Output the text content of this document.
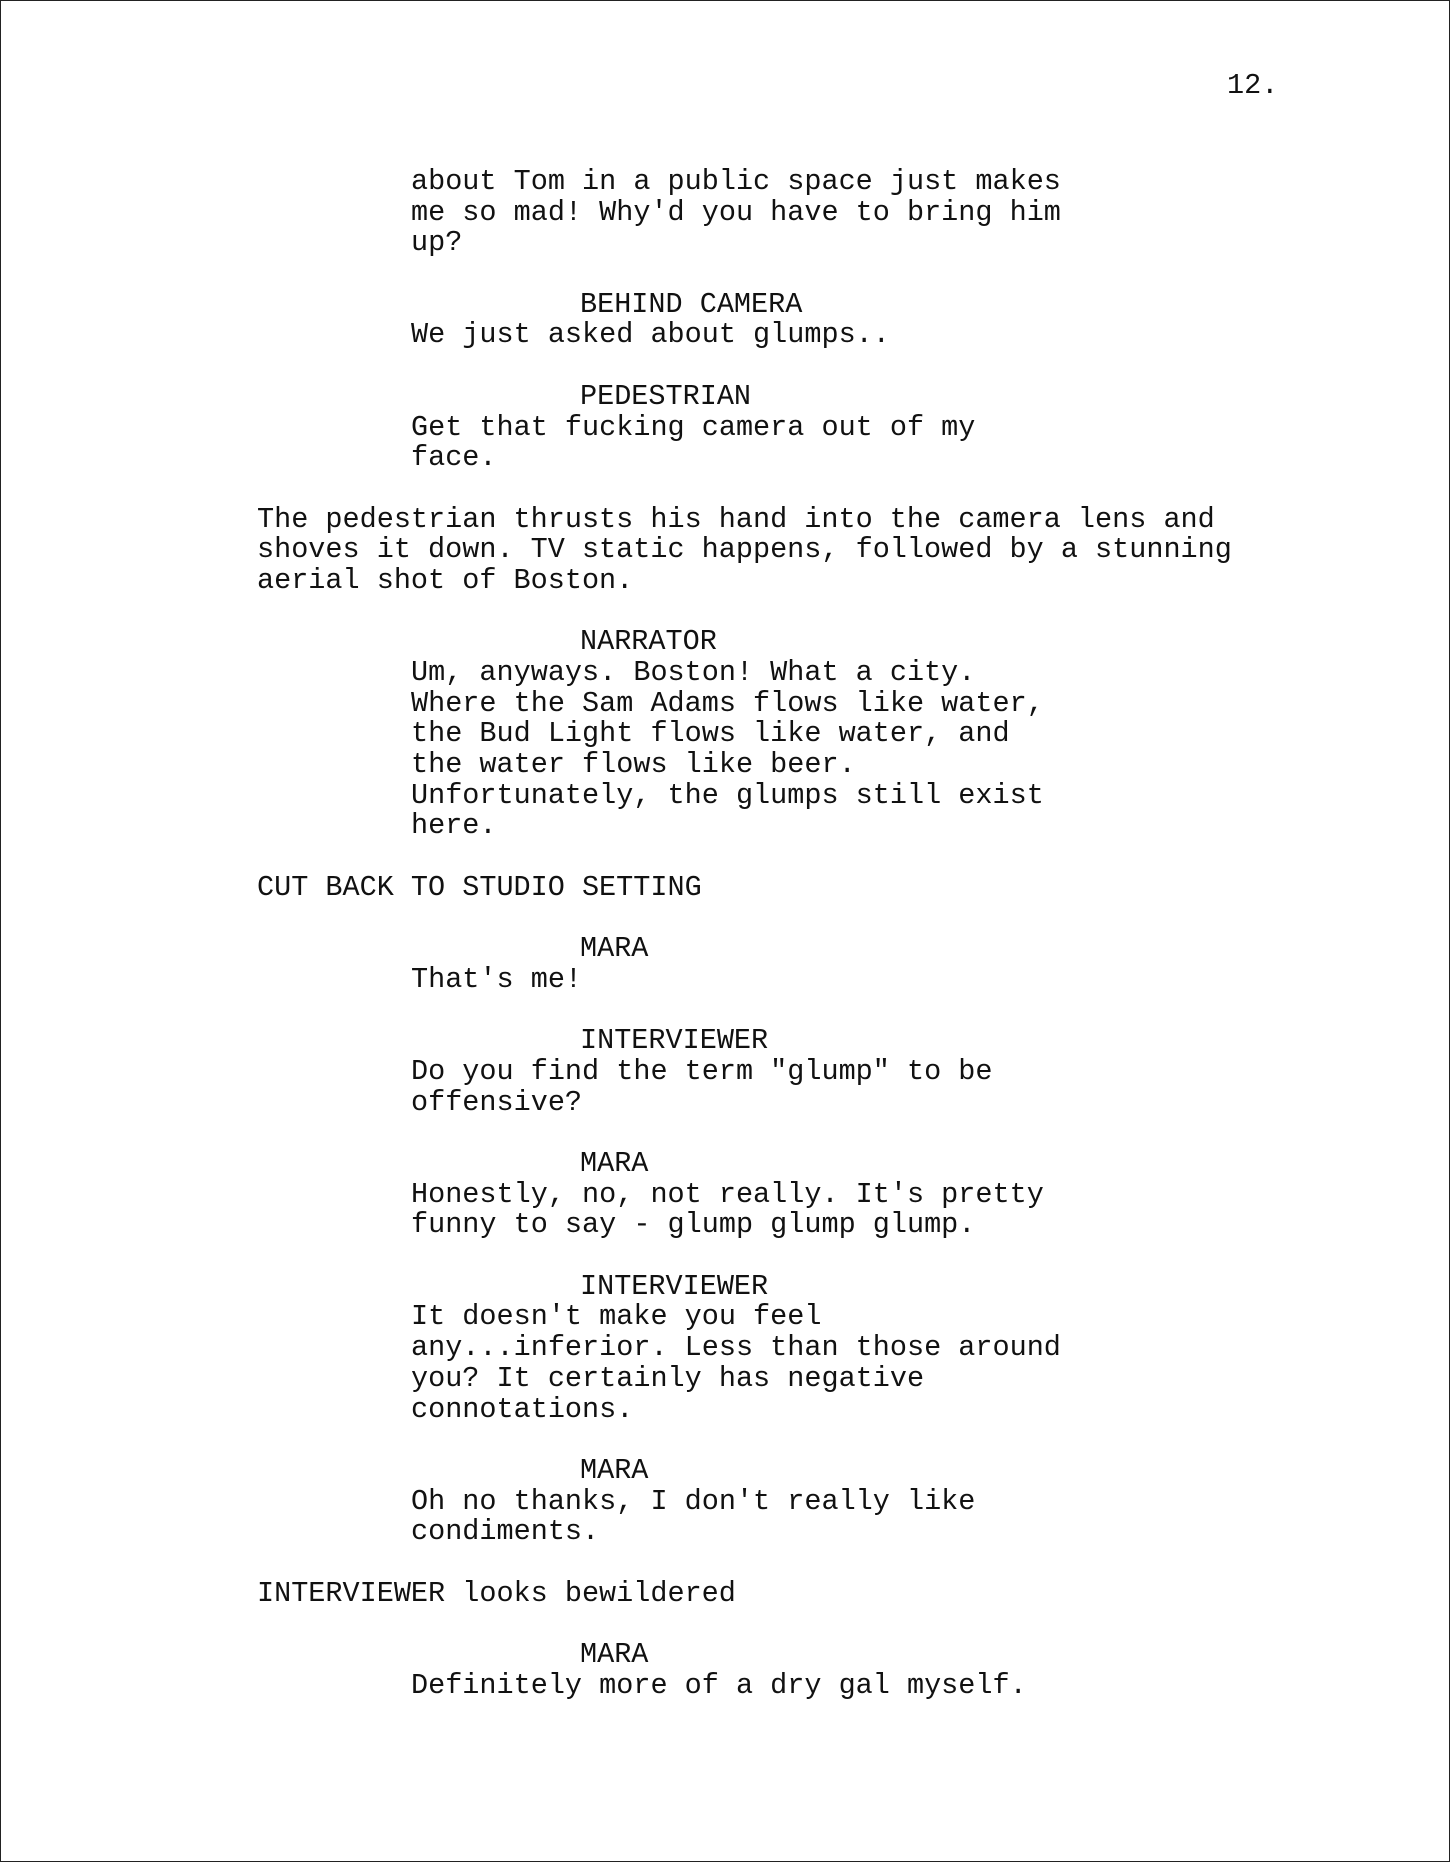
12.
about Tom in a public space just makes
me so mad! Why'd you have to bring him
up?
BEHIND CAMERA
We just asked about glumps..
PEDESTRIAN
Get that fucking camera out of my
face.
The pedestrian thrusts his hand into the camera lens and
shoves it down. TV static happens, followed by a stunning
aerial shot of Boston.
NARRATOR
Um, anyways. Boston! What a city.
Where the Sam Adams flows like water,
the Bud Light flows like water, and
the water flows like beer.
Unfortunately, the glumps still exist
here.
CUT BACK TO STUDIO SETTING
MARA
That's me!
INTERVIEWER
Do you find the term "glump" to be
offensive?
MARA
Honestly, no, not really. It's pretty
funny to say - glump glump glump.
INTERVIEWER
It doesn't make you feel
any...inferior. Less than those around
you? It certainly has negative
connotations.
MARA
Oh no thanks, I don't really like
condiments.
INTERVIEWER looks bewildered
MARA
Definitely more of a dry gal myself.
